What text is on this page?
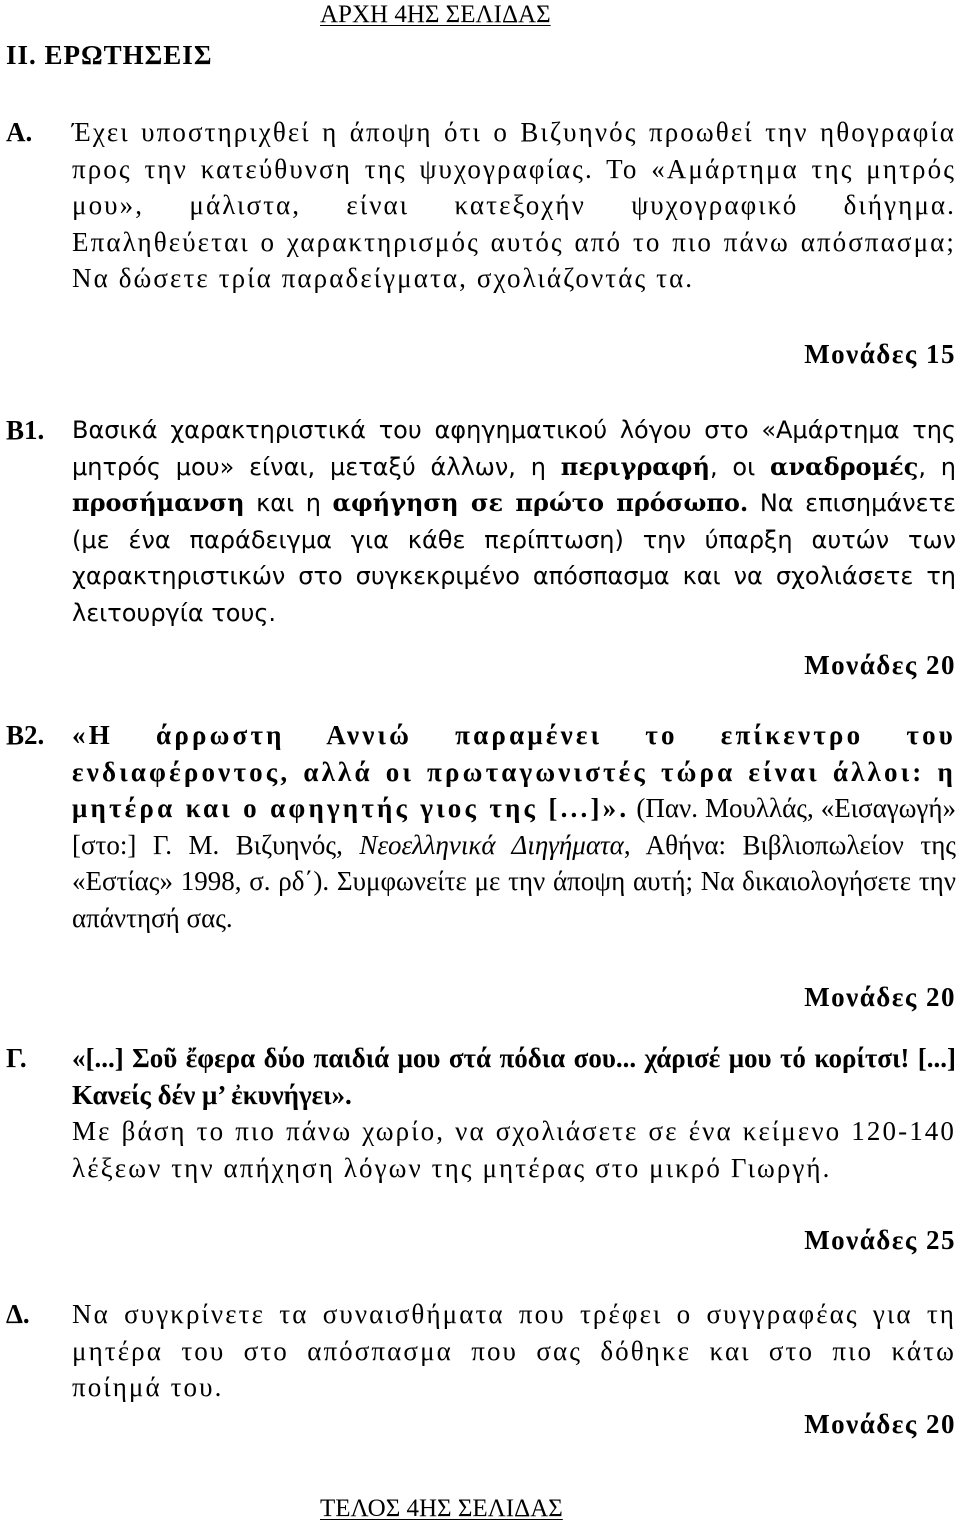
ΑΡΧΗ 4ΗΣ ΣΕΛΙΔΑΣ
ΙΙ. ΕΡΩΤΗΣΕΙΣ
Α. Έχει υποστηριχθεί η άποψη ότι ο Βιζυηνός προωθεί την ηθογραφία προς την κατεύθυνση της ψυχογραφίας. Το «Αμάρτημα της μητρός μου», μάλιστα, είναι κατεξοχήν ψυχογραφικό διήγημα. Επαληθεύεται ο χαρακτηρισμός αυτός από το πιο πάνω απόσπασμα; Να δώσετε τρία παραδείγματα, σχολιάζοντάς τα.

Μονάδες 15
Β1. Βασικά χαρακτηριστικά του αφηγηματικού λόγου στο «Αμάρτημα της μητρός μου» είναι, μεταξύ άλλων, η περιγραφή, οι αναδρομές, η προσήμανση και η αφήγηση σε πρώτο πρόσωπο. Να επισημάνετε (με ένα παράδειγμα για κάθε περίπτωση) την ύπαρξη αυτών των χαρακτηριστικών στο συγκεκριμένο απόσπασμα και να σχολιάσετε τη λειτουργία τους.

Μονάδες 20
Β2. «Η άρρωστη Αννιώ παραμένει το επίκεντρο του ενδιαφέροντος, αλλά οι πρωταγωνιστές τώρα είναι άλλοι: η μητέρα και ο αφηγητής γιος της [...]». (Παν. Μουλλάς, «Εισαγωγή» [στο:] Γ. Μ. Βιζυηνός, Νεοελληνικά Διηγήματα, Αθήνα: Βιβλιοπωλείον της «Εστίας» 1998, σ. ρδ΄). Συμφωνείτε με την άποψη αυτή; Να δικαιολογήσετε την απάντησή σας.

Μονάδες 20
Γ. «[...] Σοῦ ἔφερα δύο παιδιά μου στά πόδια σου... χάρισέ μου τό κορίτσι! [...] Κανείς δέν μ’ ἐκυνήγει».

Με βάση το πιο πάνω χωρίο, να σχολιάσετε σε ένα κείμενο 120-140 λέξεων την απήχηση λόγων της μητέρας στο μικρό Γιωργή.

Μονάδες 25
Δ. Να συγκρίνετε τα συναισθήματα που τρέφει ο συγγραφέας για τη μητέρα του στο απόσπασμα που σας δόθηκε και στο πιο κάτω ποίημά του.

Μονάδες 20
ΤΕΛΟΣ 4ΗΣ ΣΕΛΙΔΑΣ
